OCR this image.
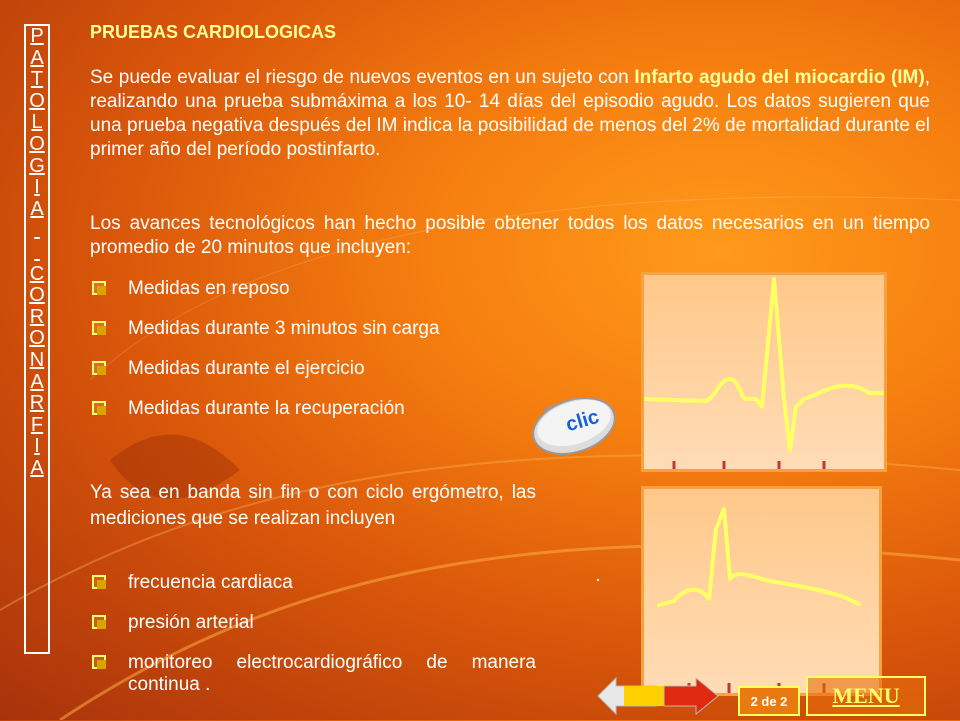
P
A
T
O
L
O
G
I
A

C
O
R
O
N
A
R
F
I
A
PRUEBAS CARDIOLOGICAS
Se puede evaluar el riesgo de nuevos eventos en un sujeto con Infarto agudo del miocardio (IM), realizando una prueba submáxima a los 10- 14 días del episodio agudo. Los datos sugieren que una prueba negativa después del IM indica la posibilidad de menos del 2% de mortalidad durante el primer año del período postinfarto.
Los avances tecnológicos han hecho posible obtener todos los datos necesarios en un tiempo promedio de 20 minutos que incluyen:
Medidas en reposo
Medidas durante 3 minutos sin carga
Medidas durante el ejercicio
Medidas durante la recuperación
Ya sea en banda sin fin o con ciclo ergómetro, las mediciones que se realizan incluyen
frecuencia cardiaca
presión arterial
monitoreo electrocardiográfico de manera continua .
clic
2 de 2	MENU
